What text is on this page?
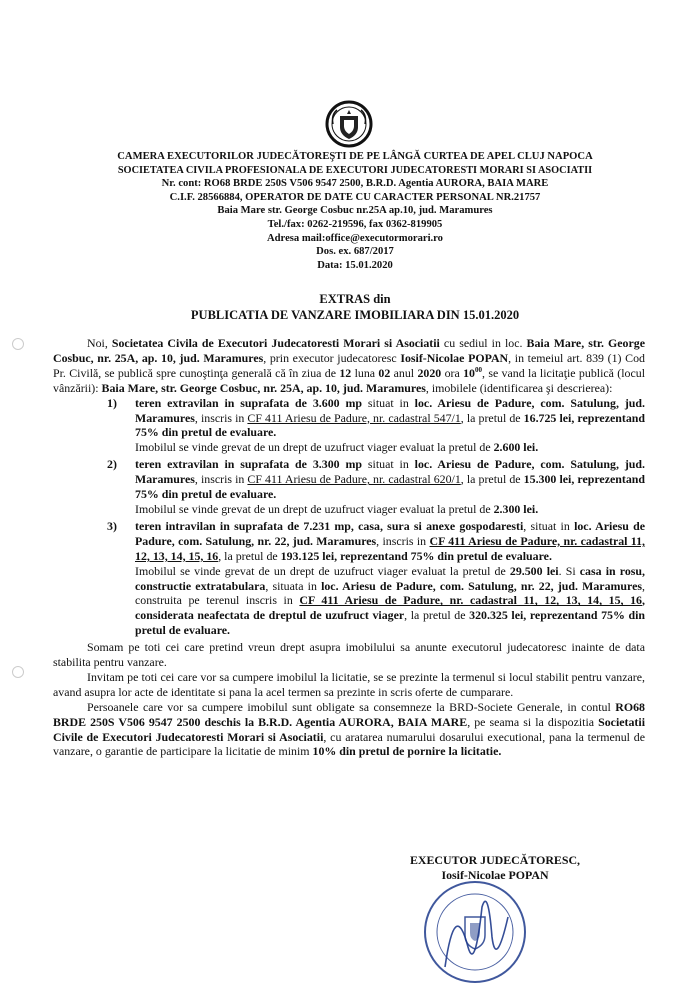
CAMERA EXECUTORILOR JUDECĂTOREŞTI DE PE LÂNGĂ CURTEA DE APEL CLUJ NAPOCA
SOCIETATEA CIVILA PROFESIONALA DE EXECUTORI JUDECATORESTI MORARI SI ASOCIATII
Nr. cont: RO68 BRDE 250S V506 9547 2500, B.R.D. Agentia AURORA, BAIA MARE
C.I.F. 28566884, OPERATOR DE DATE CU CARACTER PERSONAL NR.21757
Baia Mare str. George Cosbuc nr.25A ap.10, jud. Maramures
Tel./fax: 0262-219596, fax 0362-819905
Adresa mail:office@executormorari.ro
Dos. ex. 687/2017
Data: 15.01.2020
EXTRAS din
PUBLICATIA DE VANZARE IMOBILIARA DIN 15.01.2020

Noi, Societatea Civila de Executori Judecatoresti Morari si Asociatii cu sediul in loc. Baia Mare, str. George Cosbuc, nr. 25A, ap. 10, jud. Maramures, prin executor judecatoresc Iosif-Nicolae POPAN, in temeiul art. 839 (1) Cod Pr. Civilă, se publică spre cunoştinţa generală că în ziua de 12 luna 02 anul 2020 ora $10^{00}$, se vand la licitaţie publică (locul vânzării): Baia Mare, str. George Cosbuc, nr. 25A, ap. 10, jud. Maramures, imobilele (identificarea şi descrierea):

1) teren extravilan in suprafata de 3.600 mp situat in loc. Ariesu de Padure, com. Satulung, jud. Maramures, inscris in CF 411 Ariesu de Padure, nr. cadastral 547/1, la pretul de 16.725 lei, reprezentand 75% din pretul de evaluare.

Imobilul se vinde grevat de un drept de uzufruct viager evaluat la pretul de 2.600 lei.

2) teren extravilan in suprafata de 3.300 mp situat in loc. Ariesu de Padure, com. Satulung, jud. Maramures, inscris in CF 411 Ariesu de Padure, nr. cadastral 620/1, la pretul de 15.300 lei, reprezentand 75% din pretul de evaluare.

Imobilul se vinde grevat de un drept de uzufruct viager evaluat la pretul de 2.300 lei.

3) teren intravilan in suprafata de 7.231 mp, casa, sura si anexe gospodaresti, situat in loc. Ariesu de Padure, com. Satulung, nr. 22, jud. Maramures, inscris in CF 411 Ariesu de Padure, nr. cadastral 11, 12, 13, 14, 15, 16, la pretul de 193.125 lei, reprezentand 75% din pretul de evaluare.

Imobilul se vinde grevat de un drept de uzufruct viager evaluat la pretul de 29.500 lei. Si casa in rosu, constructie extratabulara, situata in loc. Ariesu de Padure, com. Satulung, nr. 22, jud. Maramures, construita pe terenul inscris in CF 411 Ariesu de Padure, nr. cadastral 11, 12, 13, 14, 15, 16, considerata neafectata de dreptul de uzufruct viager, la pretul de 320.325 lei, reprezentand 75% din pretul de evaluare.

Somam pe toti cei care pretind vreun drept asupra imobilului sa anunte executorul judecatoresc inainte de data stabilita pentru vanzare.

Invitam pe toti cei care vor sa cumpere imobilul la licitatie, se se prezinte la termenul si locul stabilit pentru vanzare, avand asupra lor acte de identitate si pana la acel termen sa prezinte in scris oferte de cumparare.

Persoanele care vor sa cumpere imobilul sunt obligate sa consemneze la BRD-Societe Generale, in contul RO68 BRDE 250S V506 9547 2500 deschis la B.R.D. Agentia AURORA, BAIA MARE, pe seama si la dispozitia Societatii Civile de Executori Judecatoresti Morari si Asociatii, cu aratarea numarului dosarului executional, pana la termenul de vanzare, o garantie de participare la licitatie de minim 10% din pretul de pornire la licitatie.

EXECUTOR JUDECĂTORESC,
Iosif-Nicolae POPAN
